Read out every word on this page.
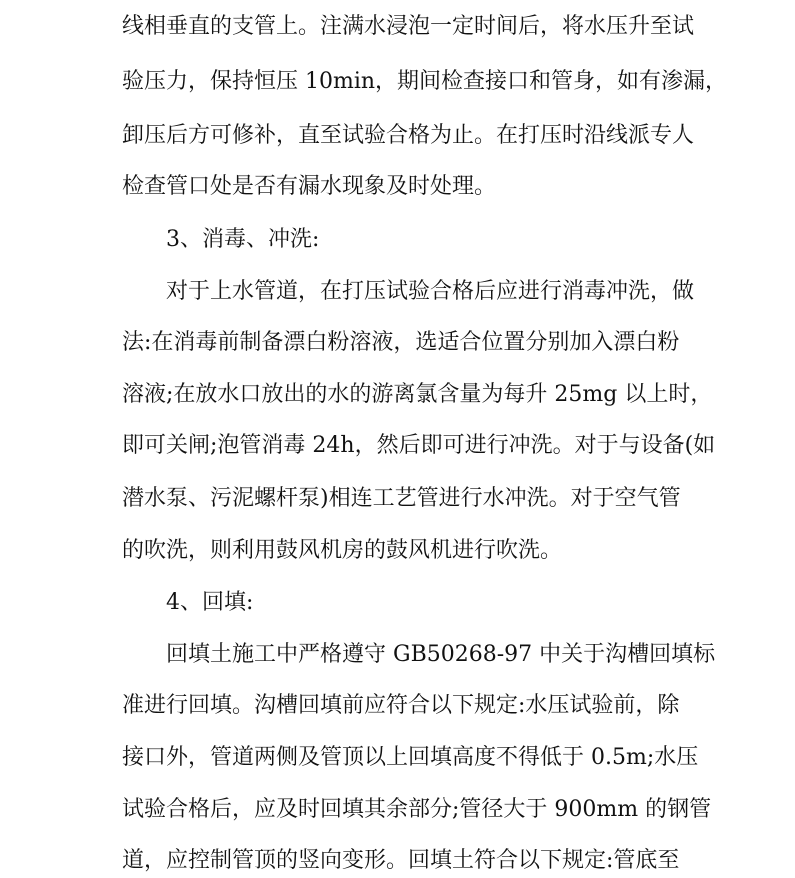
线相垂直的支管上。注满水浸泡一定时间后，将水压升至试
验压力，保持恒压 10min，期间检查接口和管身，如有渗漏，
卸压后方可修补，直至试验合格为止。在打压时沿线派专人
检查管口处是否有漏水现象及时处理。
3、消毒、冲洗:
对于上水管道，在打压试验合格后应进行消毒冲洗，做
法:在消毒前制备漂白粉溶液，选适合位置分别加入漂白粉
溶液;在放水口放出的水的游离氯含量为每升 25mg 以上时，
即可关闸;泡管消毒 24h，然后即可进行冲洗。对于与设备(如
潜水泵、污泥螺杆泵)相连工艺管进行水冲洗。对于空气管
的吹洗，则利用鼓风机房的鼓风机进行吹洗。
4、回填:
回填土施工中严格遵守 GB50268-97 中关于沟槽回填标
准进行回填。沟槽回填前应符合以下规定:水压试验前，除
接口外，管道两侧及管顶以上回填高度不得低于 0.5m;水压
试验合格后，应及时回填其余部分;管径大于 900mm 的钢管
道，应控制管顶的竖向变形。回填土符合以下规定:管底至
